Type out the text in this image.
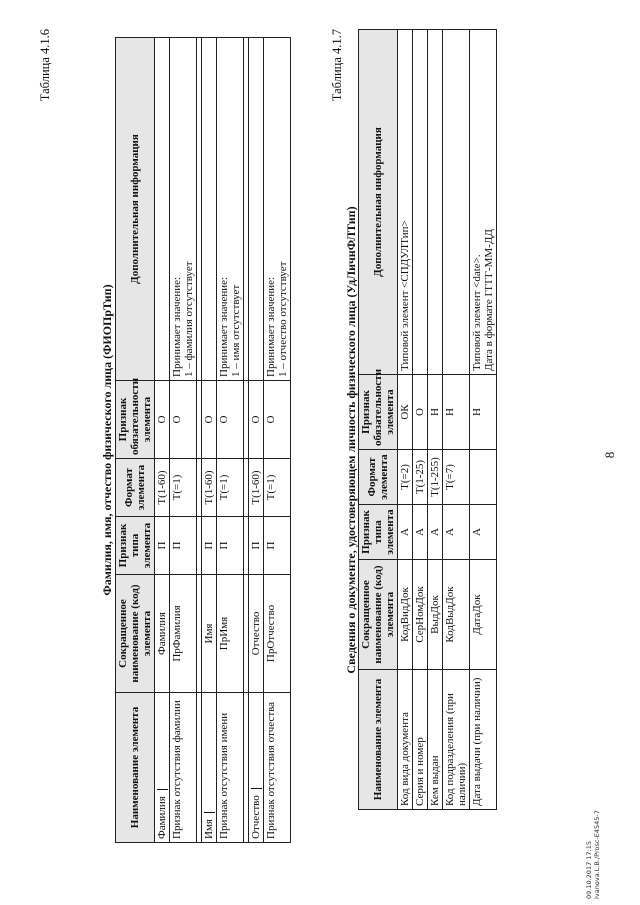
8
Таблица 4.1.6
Фамилия, имя, отчество физического лица (ФИОПрТип)
Наименование элемента	Сокращенное наименование (код) элемента	Признак типа элемента	Формат элемента	Признак обязательности элемента	Дополнительная информация
Фамилия	Фамилия	П	T(1-60)	О	
Признак отсутствия фамилии	ПрФамилия	П	T(=1)	О	Принимает значение:
1 – фамилия отсутствует

Имя	Имя	П	T(1-60)	О	
Признак отсутствия имени	ПрИмя	П	T(=1)	О	Принимает значение:
1 – имя отсутствует

Отчество	Отчество	П	T(1-60)	О	
Признак отсутствия отчества	ПрОтчество	П	T(=1)	О	Принимает значение:
1 – отчество отсутствует
Таблица 4.1.7
Сведения о документе, удостоверяющем личность физического лица (УдЛичнФЛТип)
Наименование элемента	Сокращенное наименование (код) элемента	Признак типа элемента	Формат элемента	Признак обязательности элемента	Дополнительная информация
Код вида документа	КодВидДок	А	T(=2)	ОК	Типовой элемент <СПДУЛТип>
Серия и номер	СерНомДок	А	T(1-25)	О	
Кем выдан	ВыдДок	А	T(1-255)	Н	
Код подразделения (при наличии)	КодВыдДок	А	T(=7)	Н	
Дата выдачи (при наличии)	ДатаДок	А		Н	Типовой элемент <date>.
Дата в формате ГГГГ-ММ-ДД
09.10.2017 17:15 Ivanova.L.B./Prosc-E4545-7
